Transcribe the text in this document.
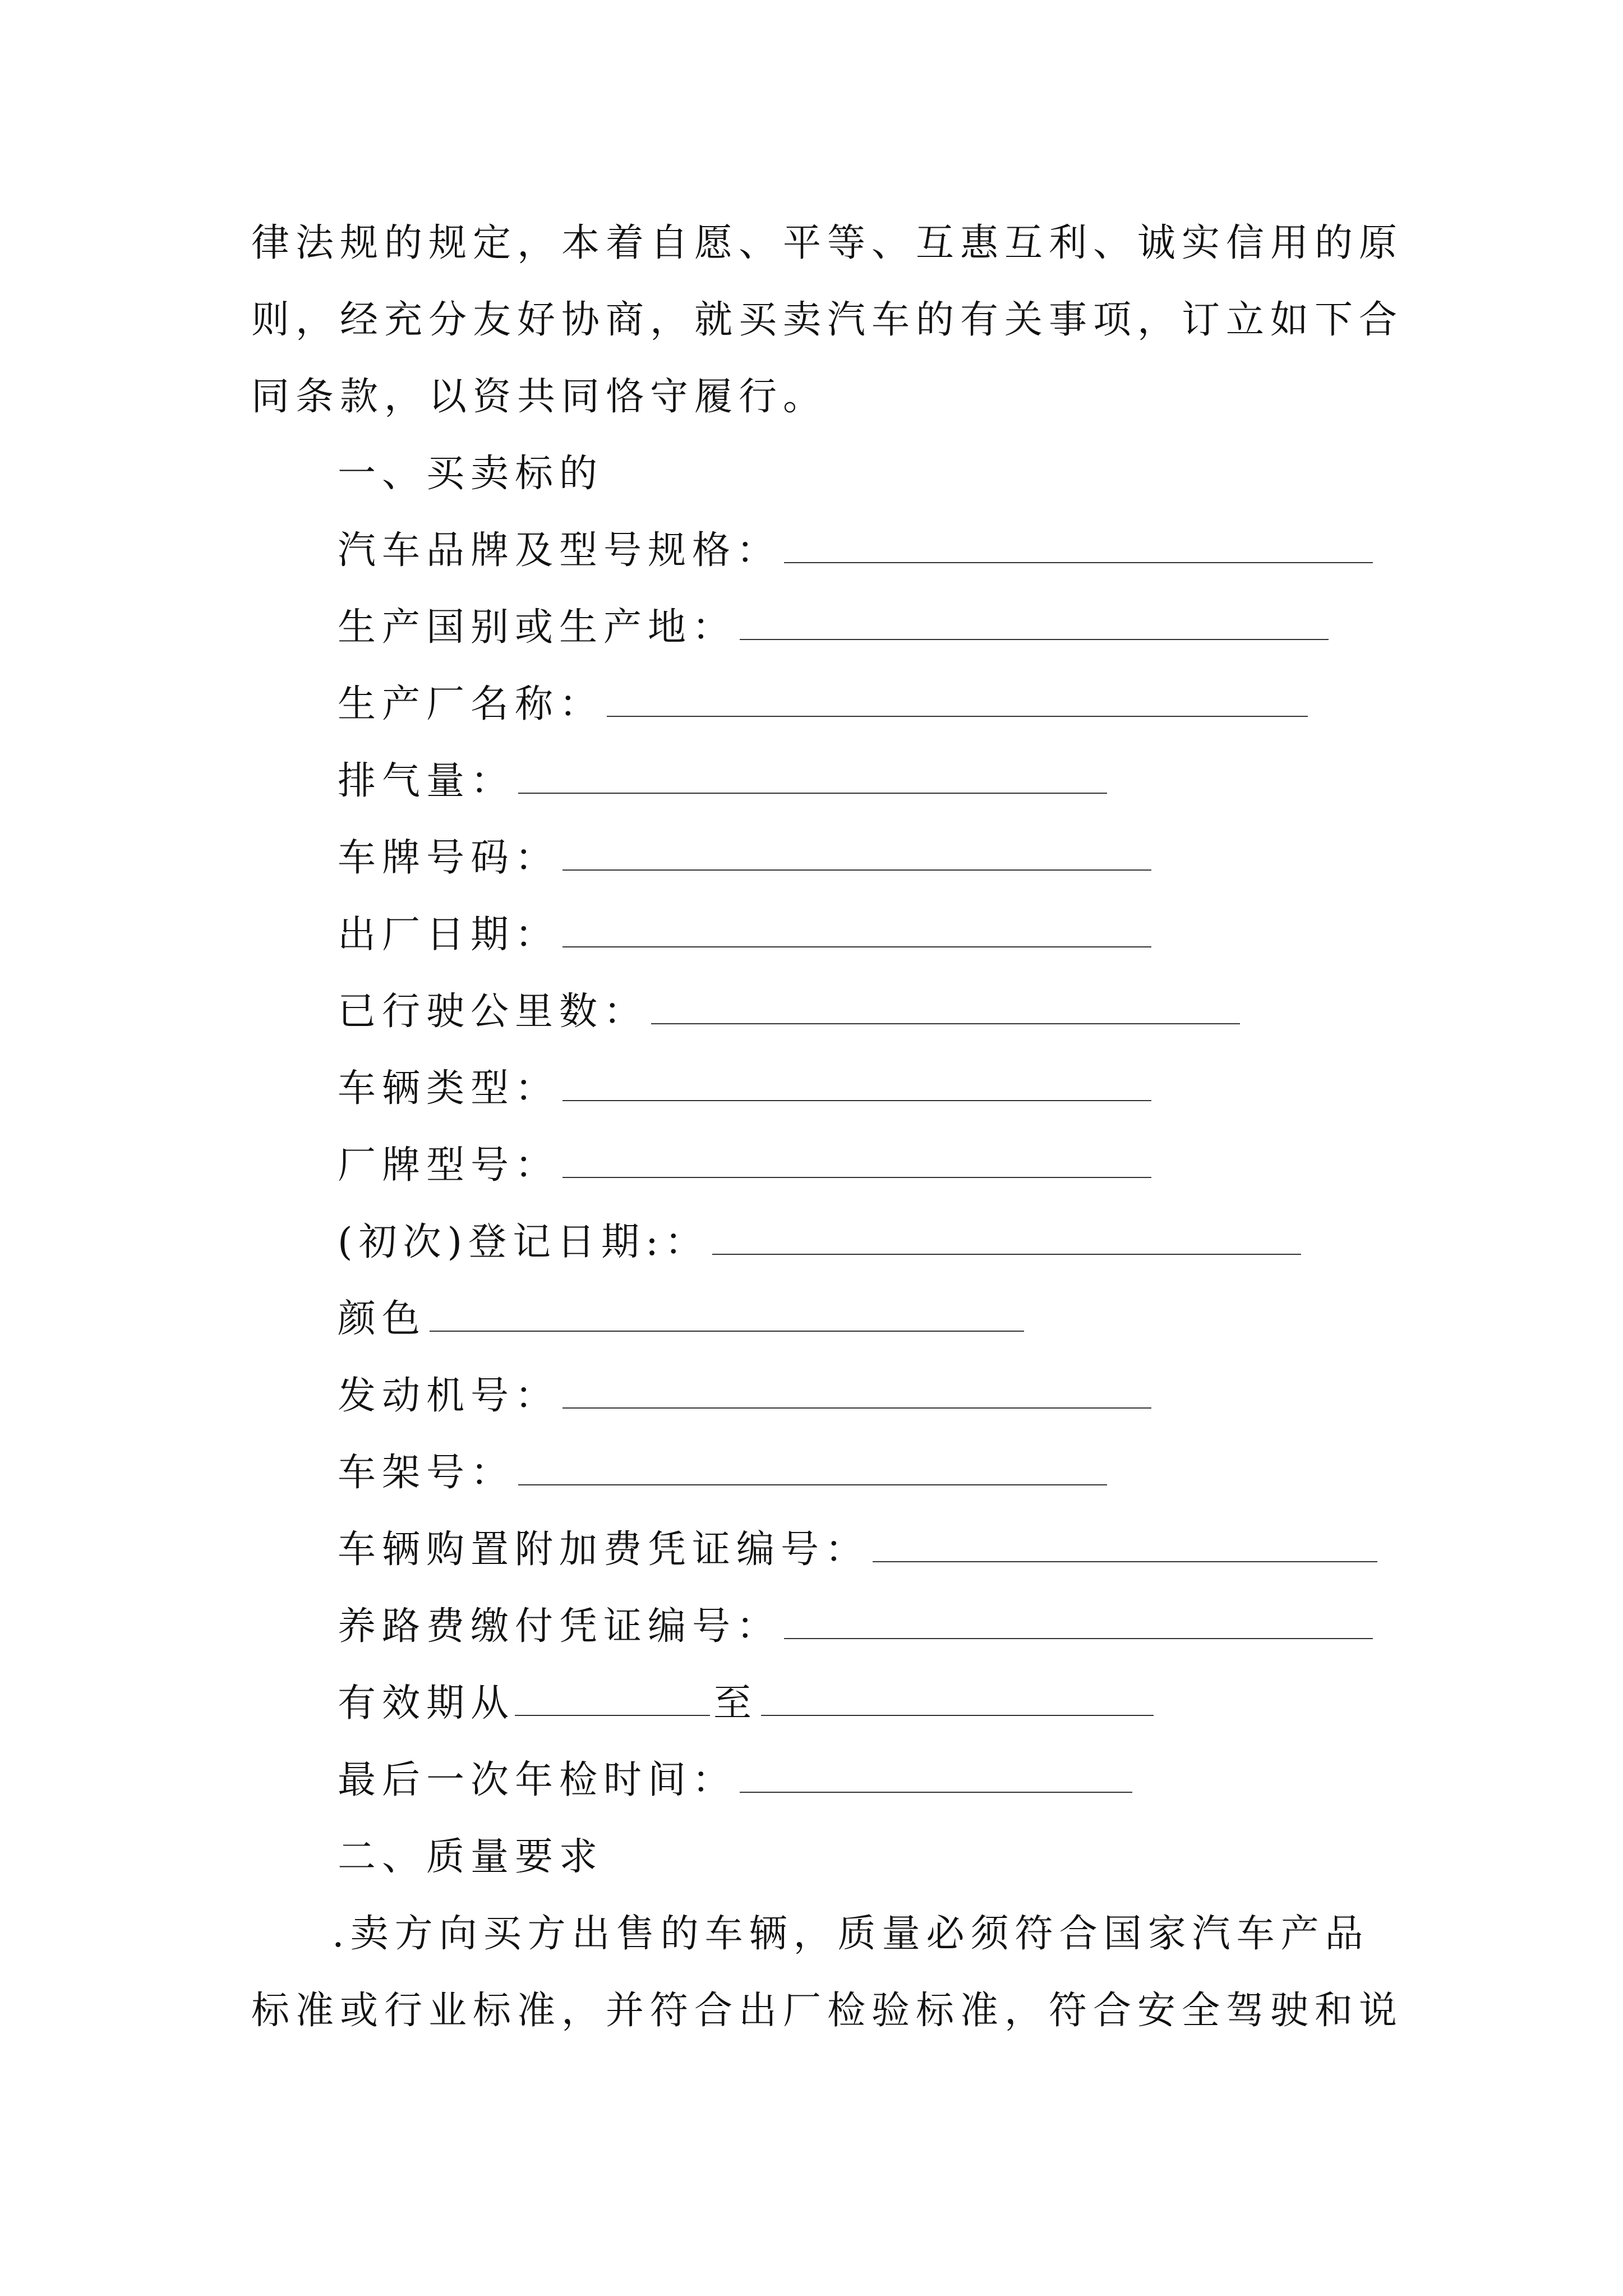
律法规的规定，本着自愿、平等、互惠互利、诚实信用的原
则，经充分友好协商，就买卖汽车的有关事项，订立如下合
同条款，以资共同恪守履行。
一、买卖标的
汽车品牌及型号规格：
生产国别或生产地：
生产厂名称：
排气量：
车牌号码：
出厂日期：
已行驶公里数：
车辆类型：
厂牌型号：
(初次)登记日期:：
颜色
发动机号：
车架号：
车辆购置附加费凭证编号：
养路费缴付凭证编号：
有效期从	至
最后一次年检时间：
二、质量要求
.卖方向买方出售的车辆，质量必须符合国家汽车产品
标准或行业标准，并符合出厂检验标准，符合安全驾驶和说
